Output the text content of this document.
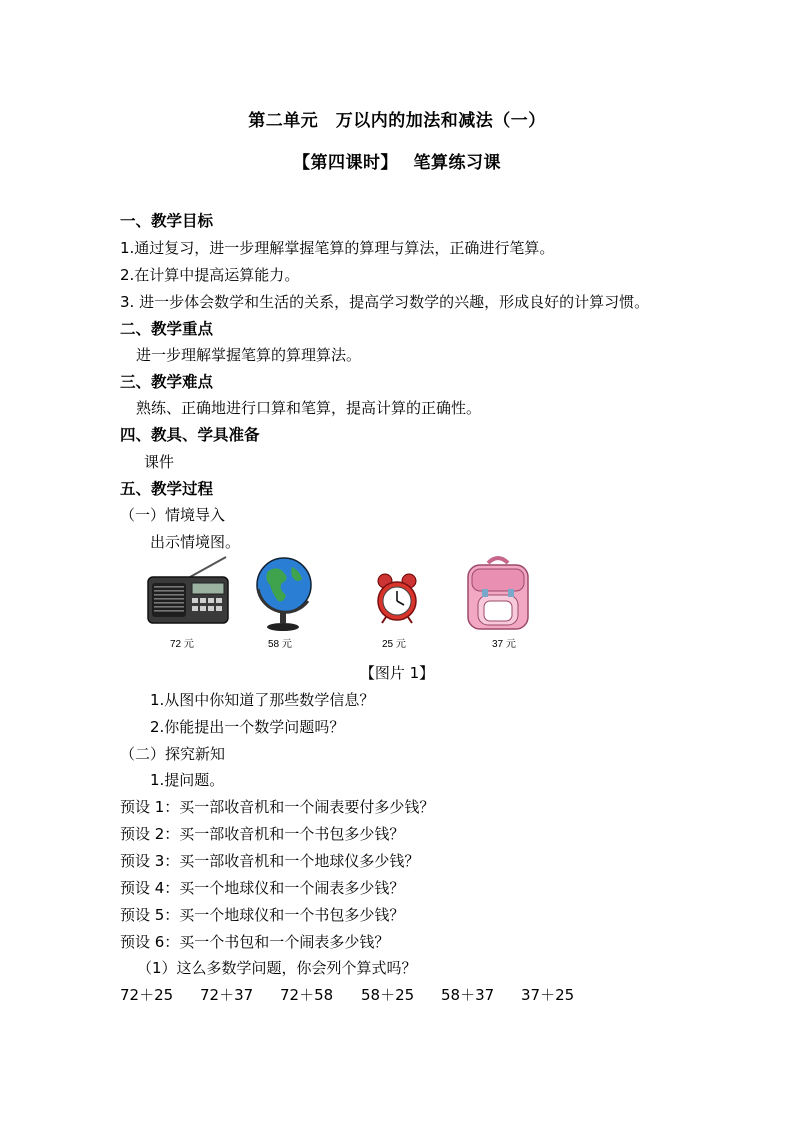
第二单元　万以内的加法和减法（一）
【第四课时】　 笔算练习课
一、教学目标
1.通过复习，进一步理解掌握笔算的算理与算法，正确进行笔算。
2.在计算中提高运算能力。
3. 进一步体会数学和生活的关系，提高学习数学的兴趣，形成良好的计算习惯。
二、教学重点
进一步理解掌握笔算的算理算法。
三、教学难点
熟练、正确地进行口算和笔算，提高计算的正确性。
四、教具、学具准备
课件
五、教学过程
（一）情境导入
出示情境图。
72 元	58 元	25 元	37 元
【图片 1】
1.从图中你知道了那些数学信息？
2.你能提出一个数学问题吗？
（二）探究新知
1.提问题。
预设 1：买一部收音机和一个闹表要付多少钱？
预设 2：买一部收音机和一个书包多少钱？
预设 3：买一部收音机和一个地球仪多少钱？
预设 4：买一个地球仪和一个闹表多少钱？
预设 5：买一个地球仪和一个书包多少钱？
预设 6：买一个书包和一个闹表多少钱？
（1）这么多数学问题，你会列个算式吗？
72＋25 72＋37 72＋58 58＋25 58＋37 37＋25
